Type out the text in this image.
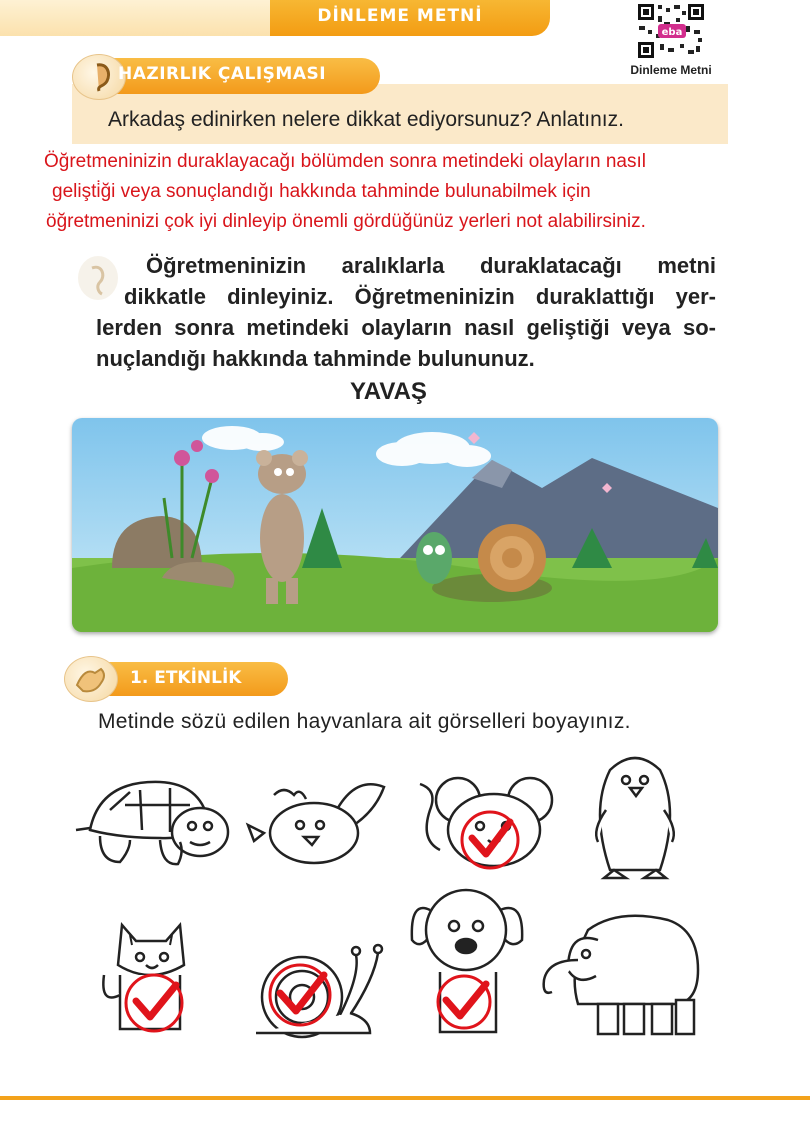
DİNLEME METNİ
eba
Dinleme Metni
HAZIRLIK ÇALIŞMASI
Arkadaş edinirken nelere dikkat ediyorsunuz? Anlatınız.
Öğretmeninizin duraklayacağı bölümden sonra metindeki olayların nasıl
gelişti̇ği veya sonuçlandığı hakkında tahminde bulunabilmek için
öğretmeninizi çok iyi dinleyip önemli gördüğünüz yerleri not alabilirsiniz.
Öğretmeninizin aralıklarla duraklatacağı metni
dikkatle dinleyiniz. Öğretmeninizin duraklattığı yer-
lerden sonra metindeki olayların nasıl geliştiği veya so-
nuçlandığı hakkında tahminde bulununuz.
YAVAŞ
1. ETKİNLİK
Metinde sözü edilen hayvanlara ait görselleri boyayınız.
